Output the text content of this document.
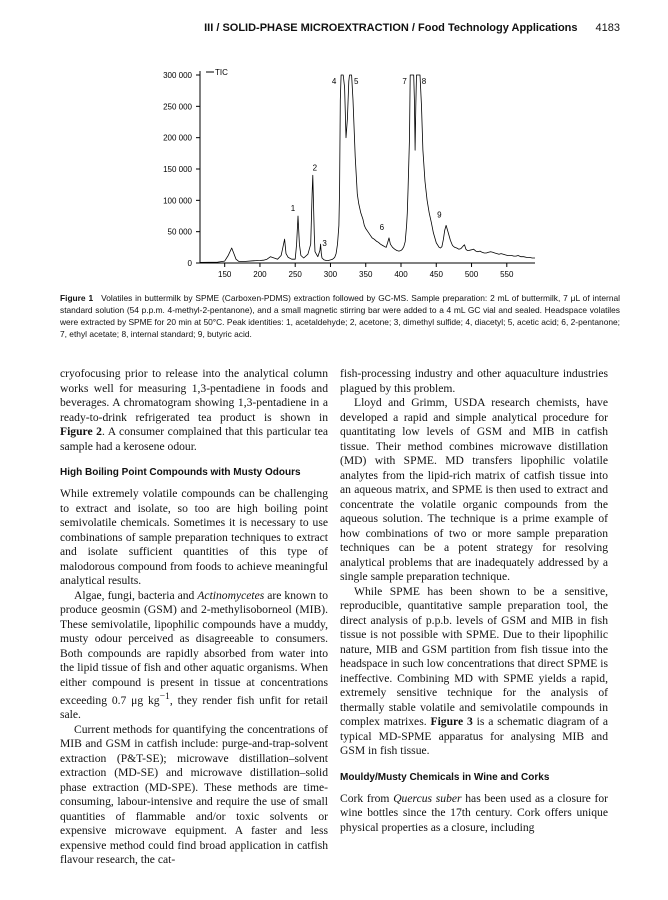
III / SOLID-PHASE MICROEXTRACTION / Food Technology Applications 4183
0
50 000
100 000
150 000
200 000
250 000
300 000
150	200	250	300	350	400	450	500	550
TIC
1
2
3
4 5
6
7 8
9
Figure 1 Volatiles in buttermilk by SPME (Carboxen-PDMS) extraction followed by GC-MS. Sample preparation: 2 mL of buttermilk, 7 μL of internal standard solution (54 p.p.m. 4-methyl-2-pentanone), and a small magnetic stirring bar were added to a 4 mL GC vial and sealed. Headspace volatiles were extracted by SPME for 20 min at 50°C. Peak identities: 1, acetaldehyde; 2, acetone; 3, dimethyl sulfide; 4, diacetyl; 5, acetic acid; 6, 2-pentanone; 7, ethyl acetate; 8, internal standard; 9, butyric acid.

cryofocusing prior to release into the analytical column works well for measuring 1,3-pentadiene in foods and beverages. A chromatogram showing 1,3-pentadiene in a ready-to-drink refrigerated tea product is shown in Figure 2. A consumer complained that this particular tea sample had a kerosene odour.

High Boiling Point Compounds with Musty Odours

While extremely volatile compounds can be challenging to extract and isolate, so too are high boiling point semivolatile chemicals. Sometimes it is necessary to use combinations of sample preparation techniques to extract and isolate sufficient quantities of this type of malodorous compound from foods to achieve meaningful analytical results.

Algae, fungi, bacteria and Actinomycetes are known to produce geosmin (GSM) and 2-methylisoborneol (MIB). These semivolatile, lipophilic compounds have a muddy, musty odour perceived as disagreeable to consumers. Both compounds are rapidly absorbed from water into the lipid tissue of fish and other aquatic organisms. When either compound is present in tissue at concentrations exceeding 0.7 μg $kg^{-1}$, they render fish unfit for retail sale.

Current methods for quantifying the concentrations of MIB and GSM in catfish include: purge-and-trap-solvent extraction (P&T-SE); microwave distillation–solvent extraction (MD-SE) and microwave distillation–solid phase extraction (MD-SPE). These methods are time-consuming, labour-intensive and require the use of small quantities of flammable and/or toxic solvents or expensive microwave equipment. A faster and less expensive method could find broad application in catfish flavour research, the cat-

fish-processing industry and other aquaculture industries plagued by this problem.

Lloyd and Grimm, USDA research chemists, have developed a rapid and simple analytical procedure for quantitating low levels of GSM and MIB in catfish tissue. Their method combines microwave distillation (MD) with SPME. MD transfers lipophilic volatile analytes from the lipid-rich matrix of catfish tissue into an aqueous matrix, and SPME is then used to extract and concentrate the volatile organic compounds from the aqueous solution. The technique is a prime example of how combinations of two or more sample preparation techniques can be a potent strategy for resolving analytical problems that are inadequately addressed by a single sample preparation technique.

While SPME has been shown to be a sensitive, reproducible, quantitative sample preparation tool, the direct analysis of p.p.b. levels of GSM and MIB in fish tissue is not possible with SPME. Due to their lipophilic nature, MIB and GSM partition from fish tissue into the headspace in such low concentrations that direct SPME is ineffective. Combining MD with SPME yields a rapid, extremely sensitive technique for the analysis of thermally stable volatile and semivolatile compounds in complex matrixes. Figure 3 is a schematic diagram of a typical MD-SPME apparatus for analysing MIB and GSM in fish tissue.

Mouldy/Musty Chemicals in Wine and Corks

Cork from Quercus suber has been used as a closure for wine bottles since the 17th century. Cork offers unique physical properties as a closure, including
